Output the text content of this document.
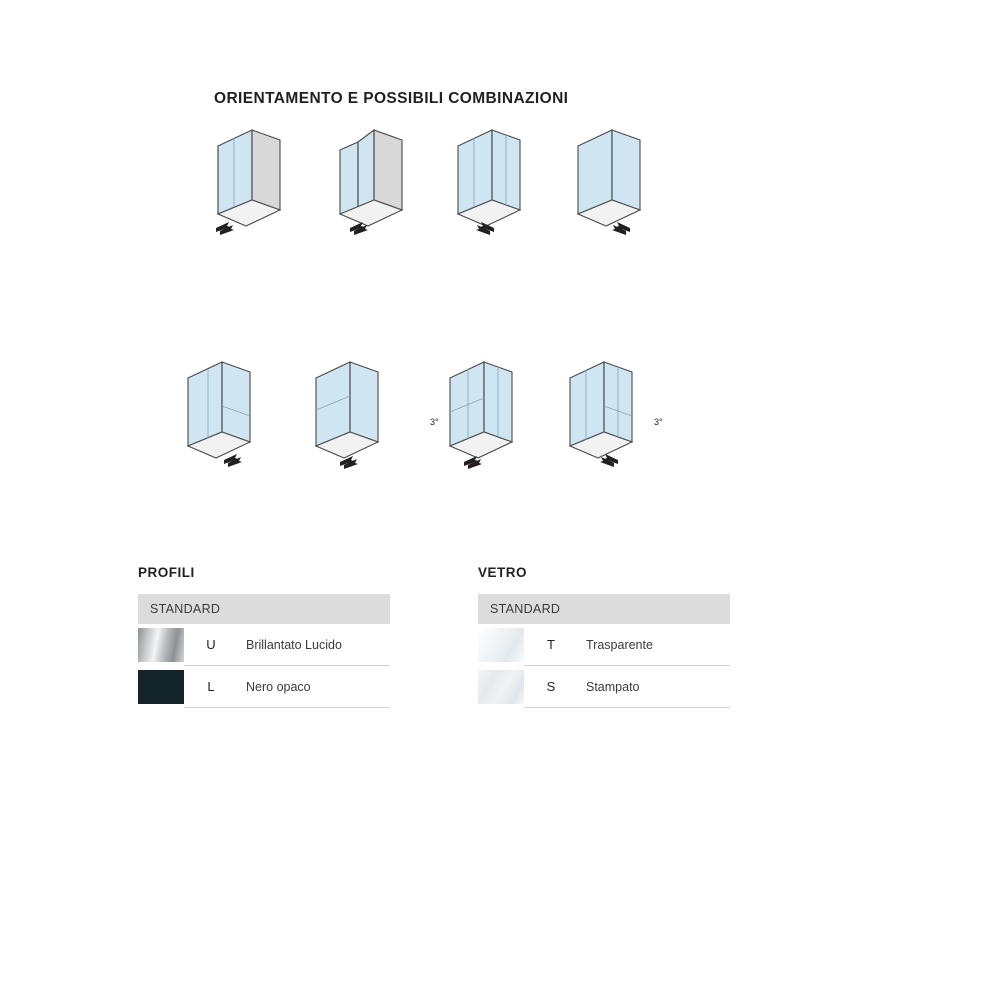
ORIENTAMENTO E POSSIBILI COMBINAZIONI
3°	3°
PROFILI
STANDARD
U	Brillantato Lucido
L	Nero opaco
VETRO
STANDARD
T	Trasparente
S	Stampato
